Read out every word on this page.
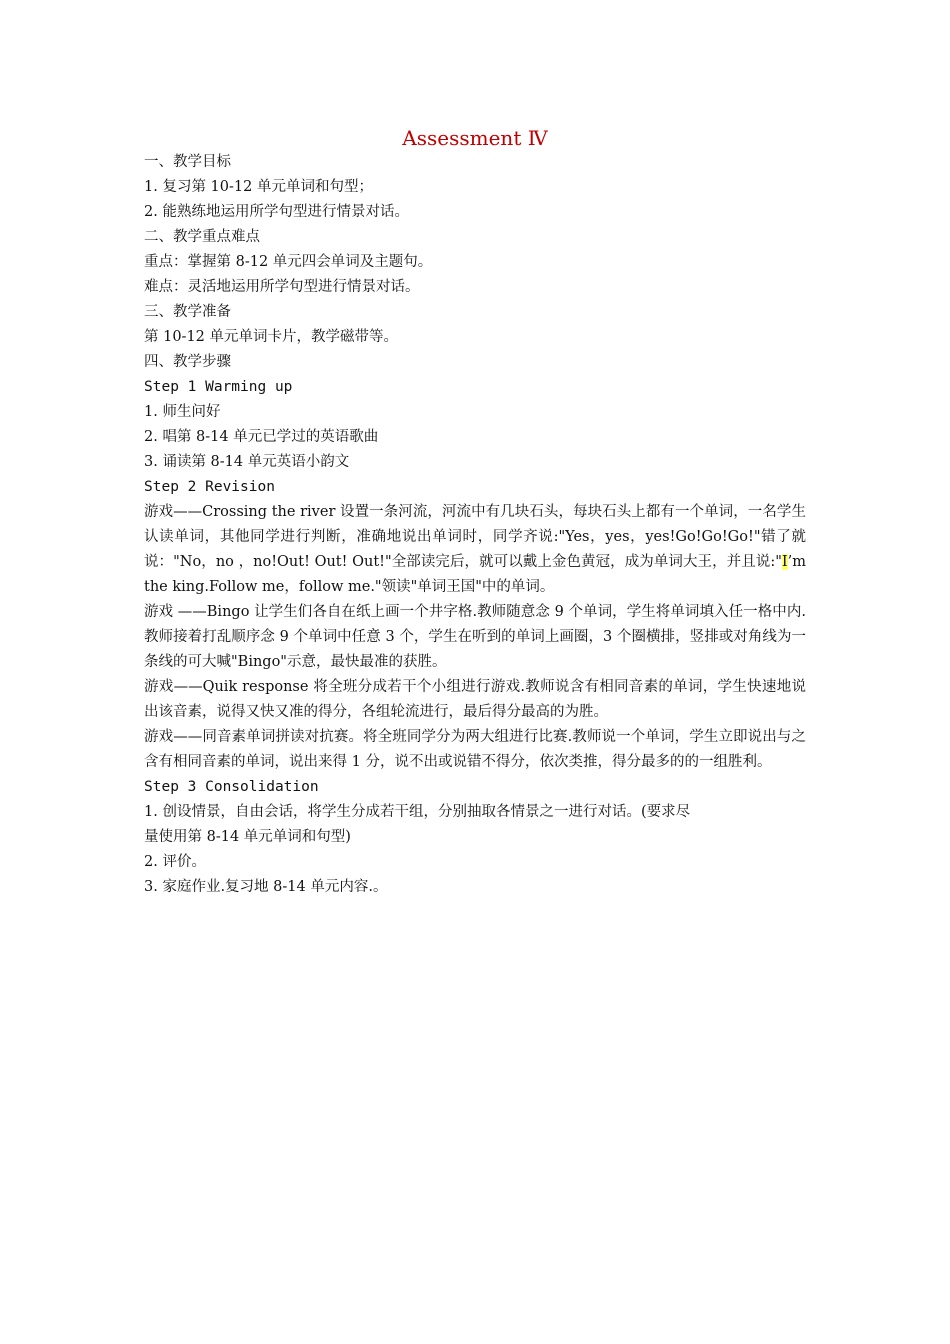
Assessment Ⅳ
一、教学目标
1. 复习第 10-12 单元单词和句型；
2. 能熟练地运用所学句型进行情景对话。
二、教学重点难点
重点：掌握第 8-12 单元四会单词及主题句。
难点：灵活地运用所学句型进行情景对话。
三、教学准备
第 10-12 单元单词卡片，教学磁带等。
四、教学步骤
Step 1 Warming up
1. 师生问好
2. 唱第 8-14 单元已学过的英语歌曲
3. 诵读第 8-14 单元英语小韵文
Step 2 Revision
游戏——Crossing the river 设置一条河流，河流中有几块石头，每块石头上都有一个单词，一名学生认读单词，其他同学进行判断，准确地说出单词时，同学齐说:"Yes，yes，yes!Go!Go!Go!"错了就说："No，no ，no!Out! Out! Out!"全部读完后，就可以戴上金色黄冠，成为单词大王，并且说:"I’m the king.Follow me，follow me."领读"单词王国"中的单词。
游戏 ——Bingo 让学生们各自在纸上画一个井字格.教师随意念 9 个单词，学生将单词填入任一格中内.教师接着打乱顺序念 9 个单词中任意 3 个，学生在听到的单词上画圈，3 个圈横排，竖排或对角线为一条线的可大喊"Bingo"示意，最快最准的获胜。
游戏——Quik response 将全班分成若干个小组进行游戏.教师说含有相同音素的单词，学生快速地说出该音素，说得又快又准的得分，各组轮流进行，最后得分最高的为胜。
游戏——同音素单词拼读对抗赛。将全班同学分为两大组进行比赛.教师说一个单词，学生立即说出与之含有相同音素的单词，说出来得 1 分，说不出或说错不得分，依次类推，得分最多的的一组胜利。
Step 3 Consolidation
1. 创设情景，自由会话，将学生分成若干组，分别抽取各情景之一进行对话。(要求尽
量使用第 8-14 单元单词和句型)
2. 评价。
3. 家庭作业.复习地 8-14 单元内容.。
